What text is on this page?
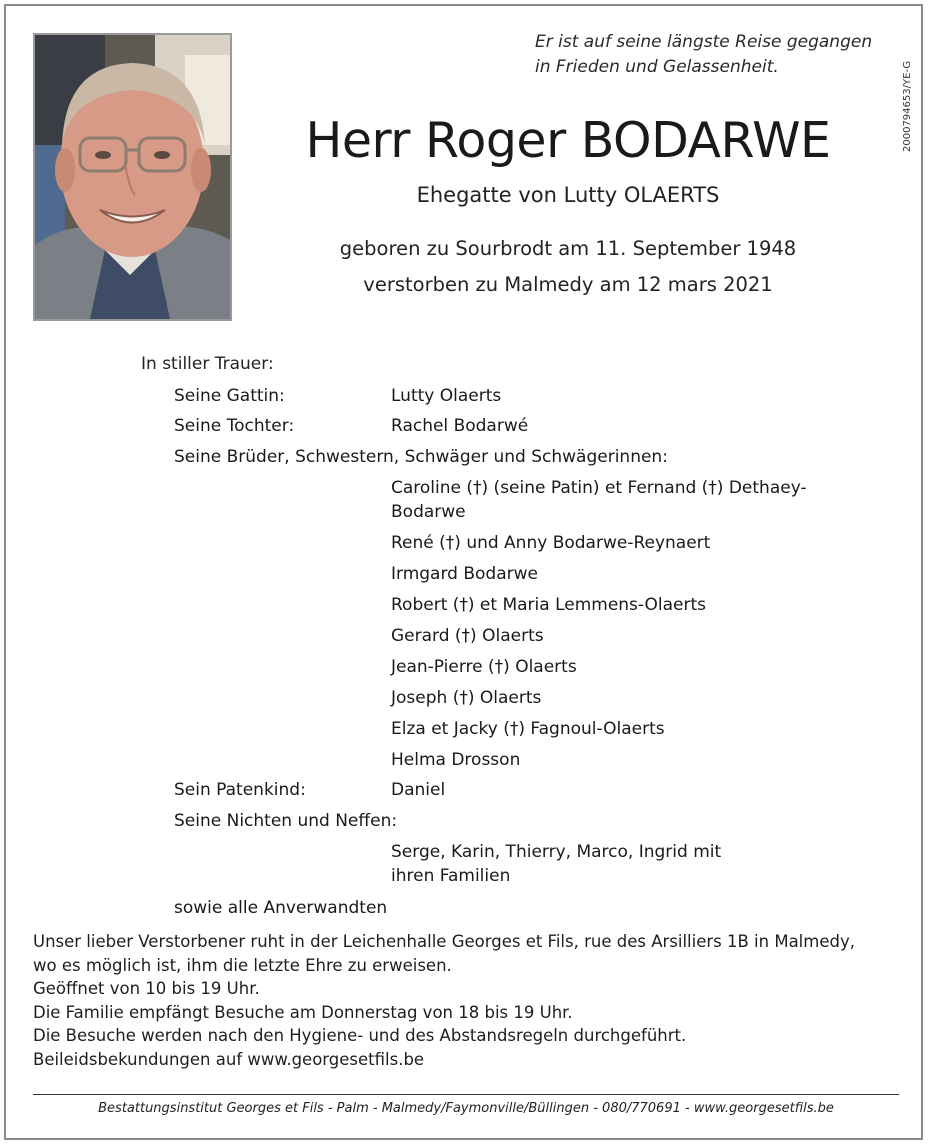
Er ist auf seine längste Reise gegangen
in Frieden und Gelassenheit.	2000794653/YE-G
Herr Roger BODARWE
Ehegatte von Lutty OLAERTS
geboren zu Sourbrodt am 11. September 1948
verstorben zu Malmedy am 12 mars 2021
In stiller Trauer:
Seine Gattin:	Lutty Olaerts
Seine Tochter:	Rachel Bodarwé
Seine Brüder, Schwestern, Schwäger und Schwägerinnen:
Caroline (†) (seine Patin) et Fernand (†) Dethaey-Bodarwe
René (†) und Anny Bodarwe-Reynaert
Irmgard Bodarwe
Robert (†) et Maria Lemmens-Olaerts
Gerard (†) Olaerts
Jean-Pierre (†) Olaerts
Joseph (†) Olaerts
Elza et Jacky (†) Fagnoul-Olaerts
Helma Drosson
Sein Patenkind:	Daniel
Seine Nichten und Neffen:
Serge, Karin, Thierry, Marco, Ingrid mit ihren Familien
sowie alle Anverwandten
Unser lieber Verstorbener ruht in der Leichenhalle Georges et Fils, rue des Arsilliers 1B in Malmedy,
wo es möglich ist, ihm die letzte Ehre zu erweisen.
Geöffnet von 10 bis 19 Uhr.
Die Familie empfängt Besuche am Donnerstag von 18 bis 19 Uhr.
Die Besuche werden nach den Hygiene- und des Abstandsregeln durchgeführt.
Beileidsbekundungen auf www.georgesetfils.be
Bestattungsinstitut Georges et Fils - Palm - Malmedy/Faymonville/Büllingen - 080/770691 - www.georgesetfils.be
